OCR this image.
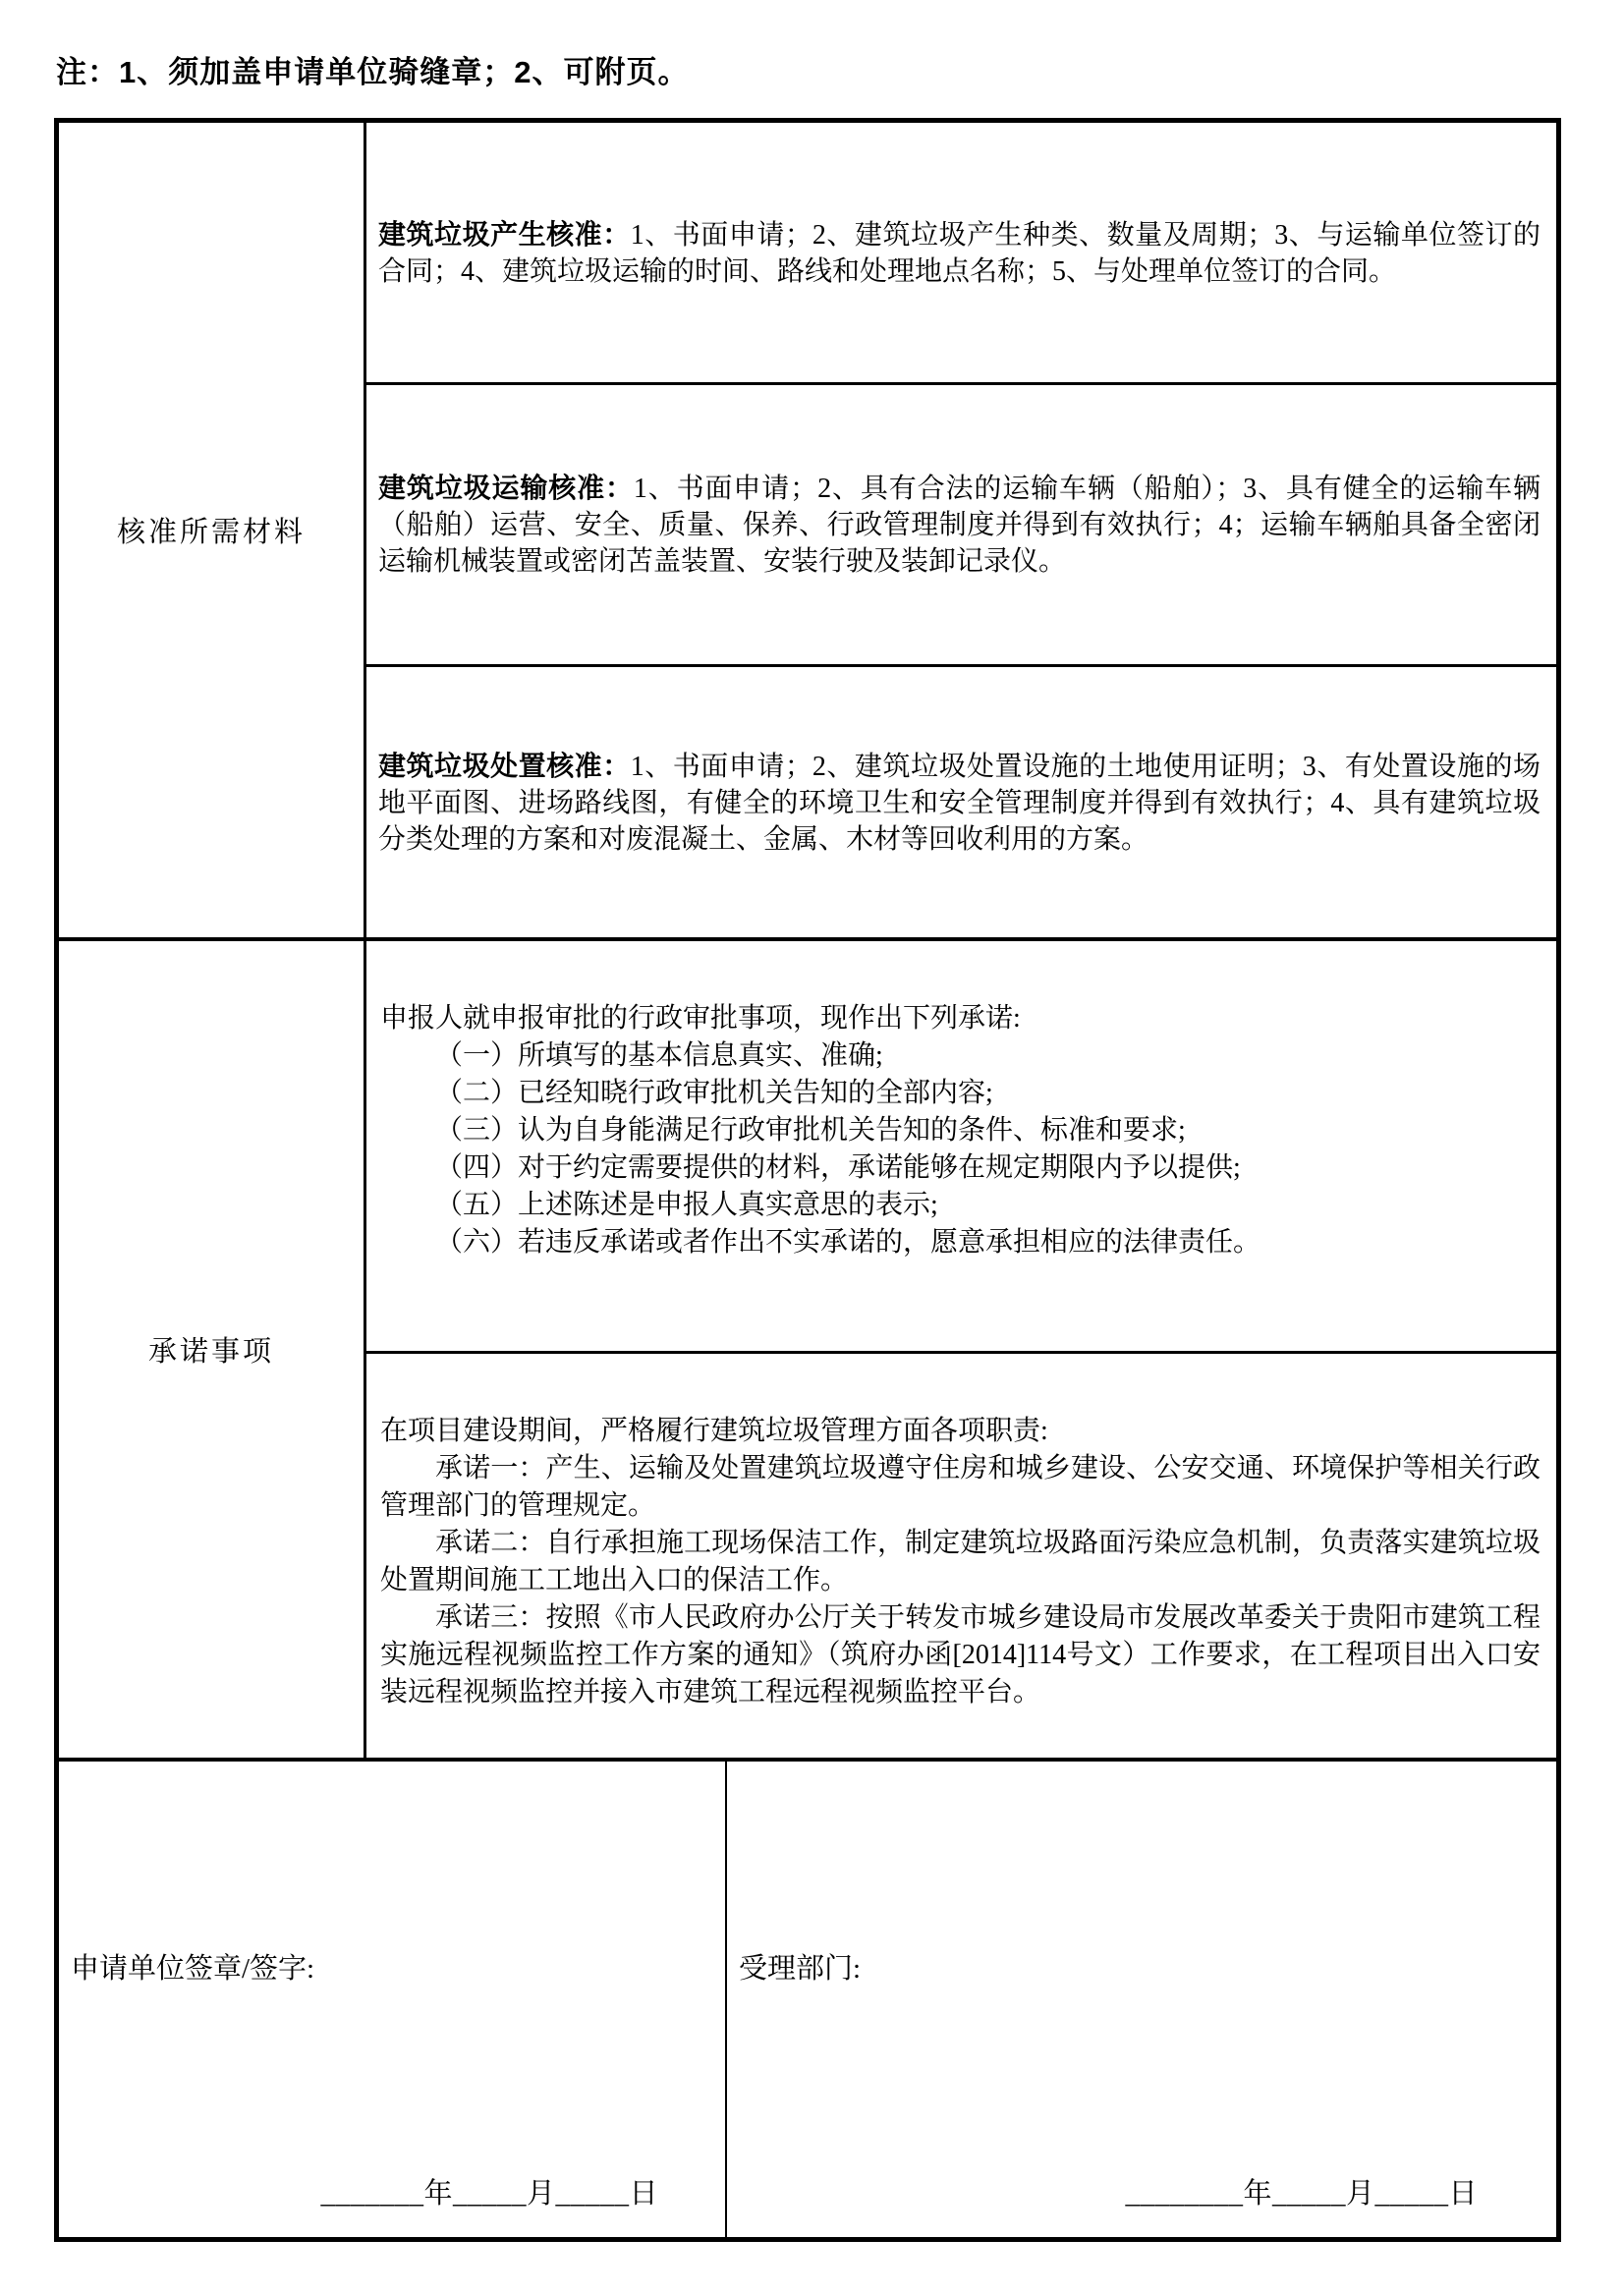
注：1、须加盖申请单位骑缝章；2、可附页。
核准所需材料
建筑垃圾产生核准：1、书面申请；2、建筑垃圾产生种类、数量及周期；3、与运输单位签订的合同；4、建筑垃圾运输的时间、路线和处理地点名称；5、与处理单位签订的合同。
建筑垃圾运输核准：1、书面申请；2、具有合法的运输车辆（船舶）；3、具有健全的运输车辆（船舶）运营、安全、质量、保养、行政管理制度并得到有效执行；4；运输车辆舶具备全密闭运输机械装置或密闭苫盖装置、安装行驶及装卸记录仪。
建筑垃圾处置核准：1、书面申请；2、建筑垃圾处置设施的土地使用证明；3、有处置设施的场地平面图、进场路线图，有健全的环境卫生和安全管理制度并得到有效执行；4、具有建筑垃圾分类处理的方案和对废混凝土、金属、木材等回收利用的方案。
承诺事项
申报人就申报审批的行政审批事项，现作出下列承诺:
（一）所填写的基本信息真实、准确;
（二）已经知晓行政审批机关告知的全部内容;
（三）认为自身能满足行政审批机关告知的条件、标准和要求;
（四）对于约定需要提供的材料，承诺能够在规定期限内予以提供;
（五）上述陈述是申报人真实意思的表示;
（六）若违反承诺或者作出不实承诺的，愿意承担相应的法律责任。
在项目建设期间，严格履行建筑垃圾管理方面各项职责:
承诺一：产生、运输及处置建筑垃圾遵守住房和城乡建设、公安交通、环境保护等相关行政管理部门的管理规定。
承诺二：自行承担施工现场保洁工作，制定建筑垃圾路面污染应急机制，负责落实建筑垃圾处置期间施工工地出入口的保洁工作。
承诺三：按照《市人民政府办公厅关于转发市城乡建设局市发展改革委关于贵阳市建筑工程实施远程视频监控工作方案的通知》（筑府办函[2014]114号文）工作要求，在工程项目出入口安装远程视频监控并接入市建筑工程远程视频监控平台。
申请单位签章/签字:
_______年_____月_____日
受理部门:
________年_____月_____日
